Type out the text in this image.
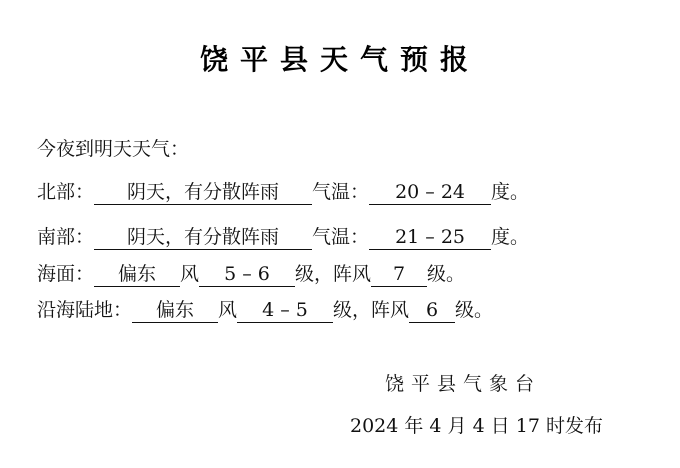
饶平县天气预报
今夜到明天天气：
北部： 阴天，有分散阵雨 气温： 20 – 24 度。
南部： 阴天，有分散阵雨 气温： 21 – 25 度。
海面： 偏东 风 5 – 6 级，阵风 7 级。
沿海陆地： 偏东 风 4 – 5 级，阵风 6 级。
饶平县气象台
2024 年 4 月 4 日 17 时发布
